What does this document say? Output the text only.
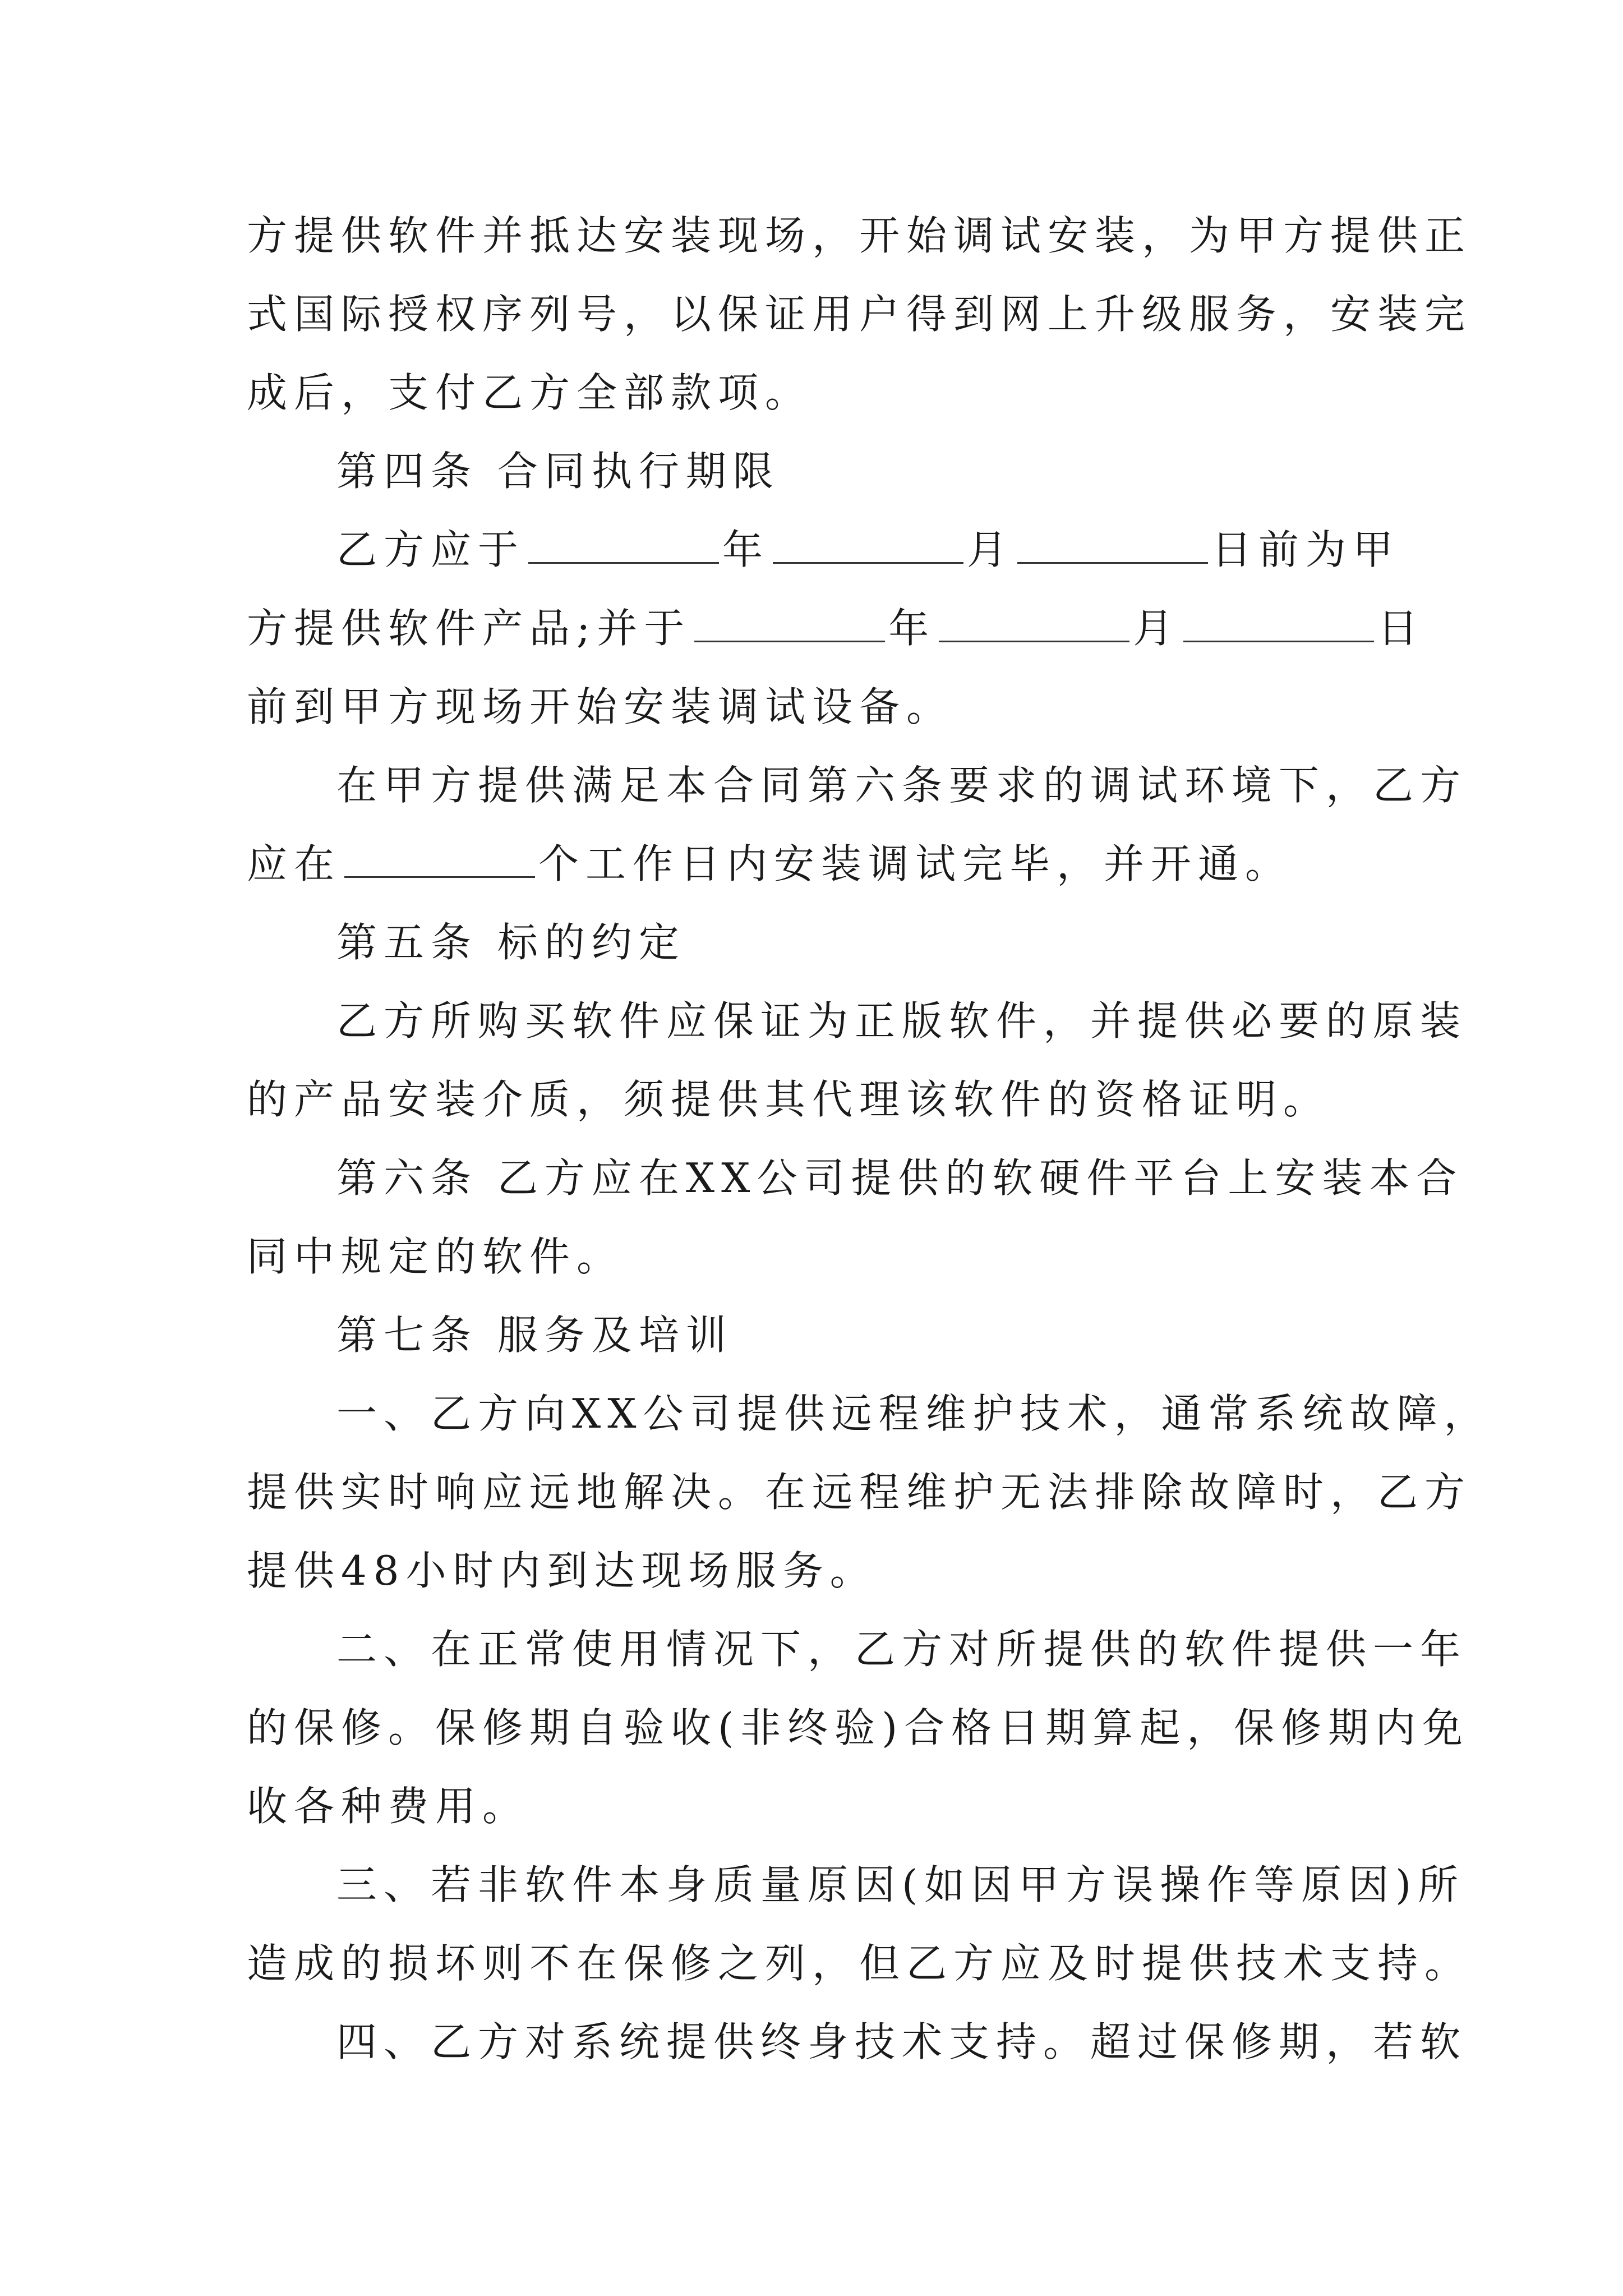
方提供软件并抵达安装现场，开始调试安装，为甲方提供正
式国际授权序列号，以保证用户得到网上升级服务，安装完
成后，支付乙方全部款项。
第四条 合同执行期限
乙方应于	年	月	日前为甲
方提供软件产品;并于	年	月	日
前到甲方现场开始安装调试设备。
在甲方提供满足本合同第六条要求的调试环境下，乙方
应在	个工作日内安装调试完毕，并开通。
第五条 标的约定
乙方所购买软件应保证为正版软件，并提供必要的原装
的产品安装介质，须提供其代理该软件的资格证明。
第六条 乙方应在XX公司提供的软硬件平台上安装本合
同中规定的软件。
第七条 服务及培训
一、乙方向XX公司提供远程维护技术，通常系统故障，
提供实时响应远地解决。在远程维护无法排除故障时，乙方
提供48小时内到达现场服务。
二、在正常使用情况下，乙方对所提供的软件提供一年
的保修。保修期自验收(非终验)合格日期算起，保修期内免
收各种费用。
三、若非软件本身质量原因(如因甲方误操作等原因)所
造成的损坏则不在保修之列，但乙方应及时提供技术支持。
四、乙方对系统提供终身技术支持。超过保修期，若软
